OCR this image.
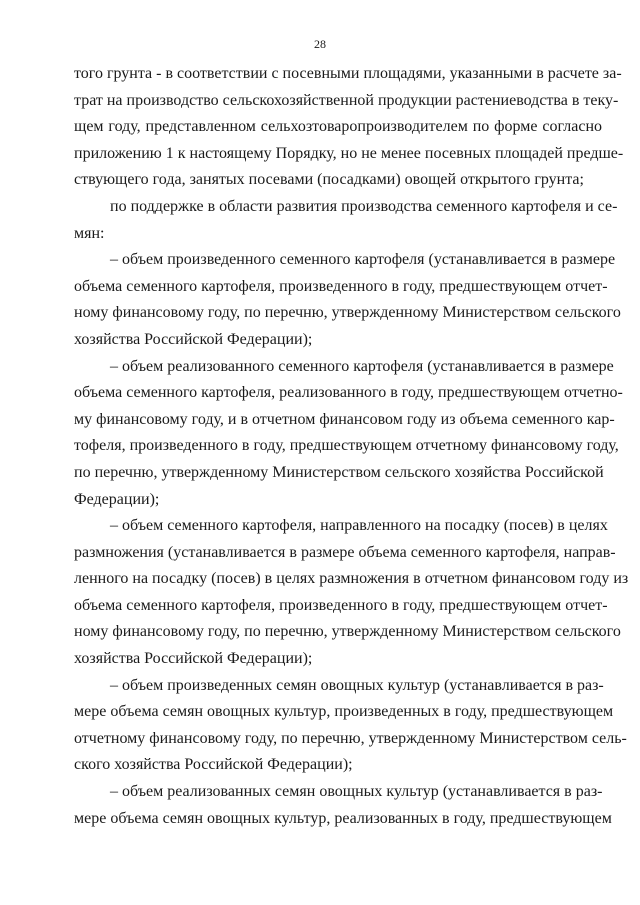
28
того грунта - в соответствии с посевными площадями, указанными в расчете за-
трат на производство сельскохозяйственной продукции растениеводства в теку-
щем году, представленном сельхозтоваропроизводителем по форме согласно
приложению 1 к настоящему Порядку, но не менее посевных площадей предше-
ствующего года, занятых посевами (посадками) овощей открытого грунта;
по поддержке в области развития производства семенного картофеля и се-
мян:
– объем произведенного семенного картофеля (устанавливается в размере
объема семенного картофеля, произведенного в году, предшествующем отчет-
ному финансовому году, по перечню, утвержденному Министерством сельского
хозяйства Российской Федерации);
– объем реализованного семенного картофеля (устанавливается в размере
объема семенного картофеля, реализованного в году, предшествующем отчетно-
му финансовому году, и в отчетном финансовом году из объема семенного кар-
тофеля, произведенного в году, предшествующем отчетному финансовому году,
по перечню, утвержденному Министерством сельского хозяйства Российской
Федерации);
– объем семенного картофеля, направленного на посадку (посев) в целях
размножения (устанавливается в размере объема семенного картофеля, направ-
ленного на посадку (посев) в целях размножения в отчетном финансовом году из
объема семенного картофеля, произведенного в году, предшествующем отчет-
ному финансовому году, по перечню, утвержденному Министерством сельского
хозяйства Российской Федерации);
– объем произведенных семян овощных культур (устанавливается в раз-
мере объема семян овощных культур, произведенных в году, предшествующем
отчетному финансовому году, по перечню, утвержденному Министерством сель-
ского хозяйства Российской Федерации);
– объем реализованных семян овощных культур (устанавливается в раз-
мере объема семян овощных культур, реализованных в году, предшествующем
